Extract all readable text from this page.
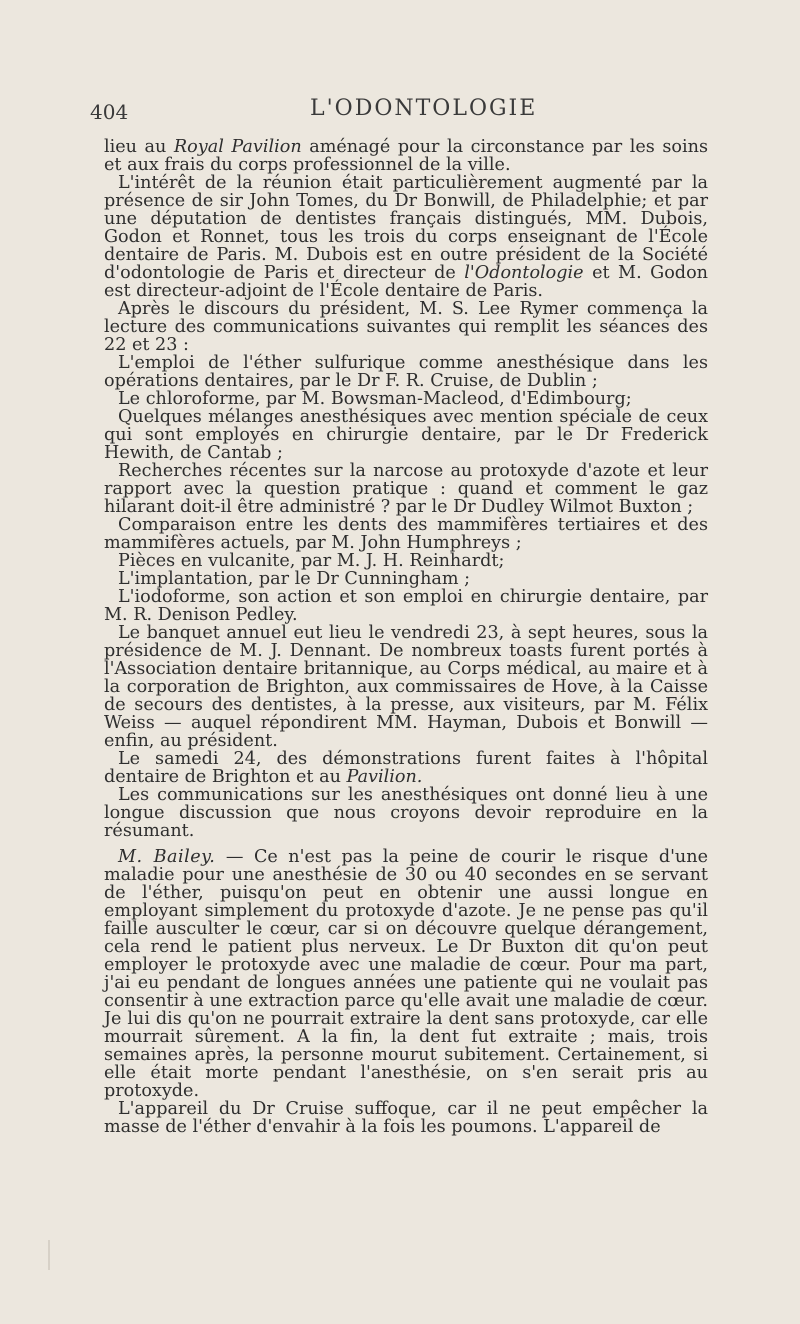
404	L'ODONTOLOGIE

lieu au Royal Pavilion aménagé pour la circonstance par les soins et aux frais du corps professionnel de la ville.

L'intérêt de la réunion était particulièrement augmenté par la présence de sir John Tomes, du Dr Bonwill, de Philadelphie; et par une députation de dentistes français distingués, MM. Dubois, Godon et Ronnet, tous les trois du corps enseignant de l'École dentaire de Paris. M. Dubois est en outre président de la Société d'odontologie de Paris et directeur de l'Odontologie et M. Godon est directeur-adjoint de l'École dentaire de Paris.

Après le discours du président, M. S. Lee Rymer commença la lecture des communications suivantes qui remplit les séances des 22 et 23 :

L'emploi de l'éther sulfurique comme anesthésique dans les opérations dentaires, par le Dr F. R. Cruise, de Dublin ;

Le chloroforme, par M. Bowsman-Macleod, d'Edimbourg;

Quelques mélanges anesthésiques avec mention spéciale de ceux qui sont employés en chirurgie dentaire, par le Dr Frederick Hewith, de Cantab ;

Recherches récentes sur la narcose au protoxyde d'azote et leur rapport avec la question pratique : quand et comment le gaz hilarant doit-il être administré ? par le Dr Dudley Wilmot Buxton ;

Comparaison entre les dents des mammifères tertiaires et des mammifères actuels, par M. John Humphreys ;

Pièces en vulcanite, par M. J. H. Reinhardt;

L'implantation, par le Dr Cunningham ;

L'iodoforme, son action et son emploi en chirurgie dentaire, par M. R. Denison Pedley.

Le banquet annuel eut lieu le vendredi 23, à sept heures, sous la présidence de M. J. Dennant. De nombreux toasts furent portés à l'Association dentaire britannique, au Corps médical, au maire et à la corporation de Brighton, aux commissaires de Hove, à la Caisse de secours des dentistes, à la presse, aux visiteurs, par M. Félix Weiss — auquel répondirent MM. Hayman, Dubois et Bonwill — enfin, au président.

Le samedi 24, des démonstrations furent faites à l'hôpital dentaire de Brighton et au Pavilion.

Les communications sur les anesthésiques ont donné lieu à une longue discussion que nous croyons devoir reproduire en la résumant.

M. Bailey. — Ce n'est pas la peine de courir le risque d'une maladie pour une anesthésie de 30 ou 40 secondes en se servant de l'éther, puisqu'on peut en obtenir une aussi longue en employant simplement du protoxyde d'azote. Je ne pense pas qu'il faille ausculter le cœur, car si on découvre quelque dérangement, cela rend le patient plus nerveux. Le Dr Buxton dit qu'on peut employer le protoxyde avec une maladie de cœur. Pour ma part, j'ai eu pendant de longues années une patiente qui ne voulait pas consentir à une extraction parce qu'elle avait une maladie de cœur. Je lui dis qu'on ne pourrait extraire la dent sans protoxyde, car elle mourrait sûrement. A la fin, la dent fut extraite ; mais, trois semaines après, la personne mourut subitement. Certainement, si elle était morte pendant l'anesthésie, on s'en serait pris au protoxyde.

L'appareil du Dr Cruise suffoque, car il ne peut empêcher la masse de l'éther d'envahir à la fois les poumons. L'appareil de
